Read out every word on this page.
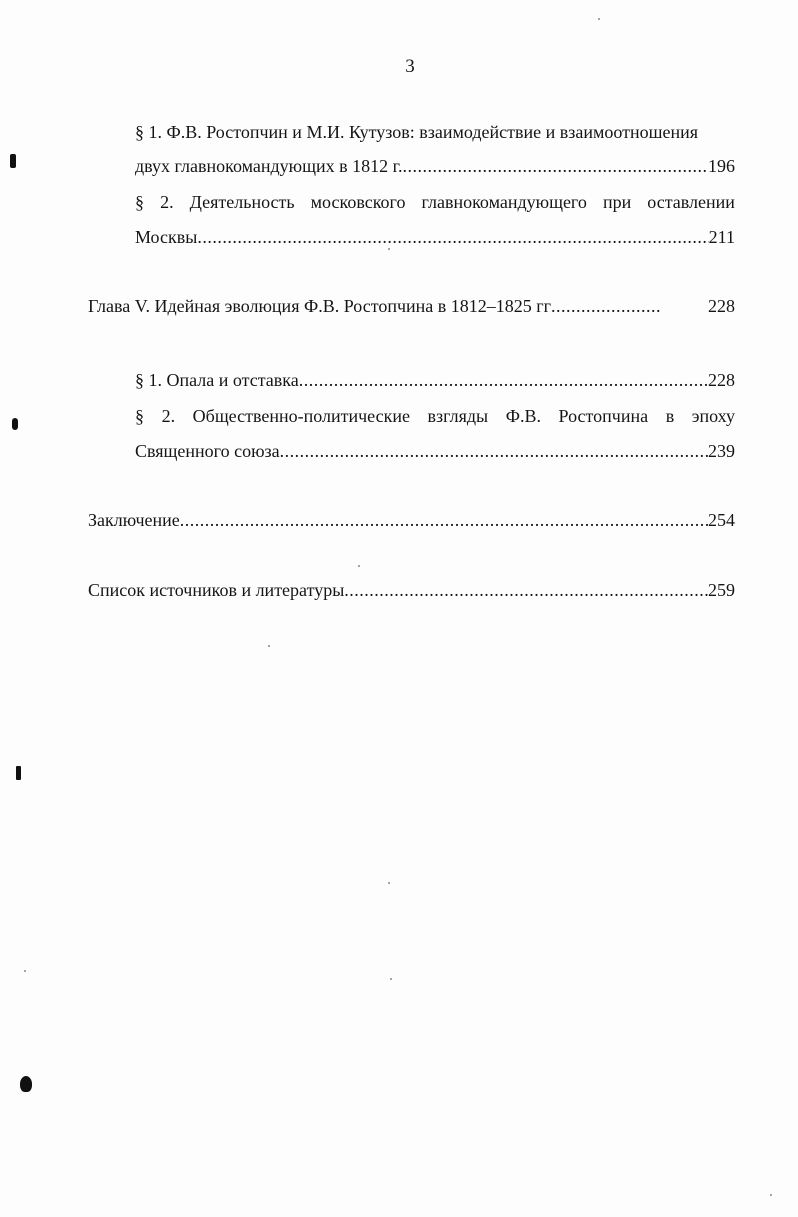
3
§ 1. Ф.В. Ростопчин и М.И. Кутузов: взаимодействие и взаимоотношения
двух главнокомандующих в 1812 г. .....	196
§ 2. Деятельность московского главнокомандующего при оставлении
Москвы .....	211
Глава V. Идейная эволюция Ф.В. Ростопчина в 1812–1825 гг .....	228
§ 1. Опала и отставка .....	228
§ 2. Общественно-политические взгляды Ф.В. Ростопчина в эпоху
Священного союза .....	239
Заключение .....	254
Список источников и литературы .....	259
